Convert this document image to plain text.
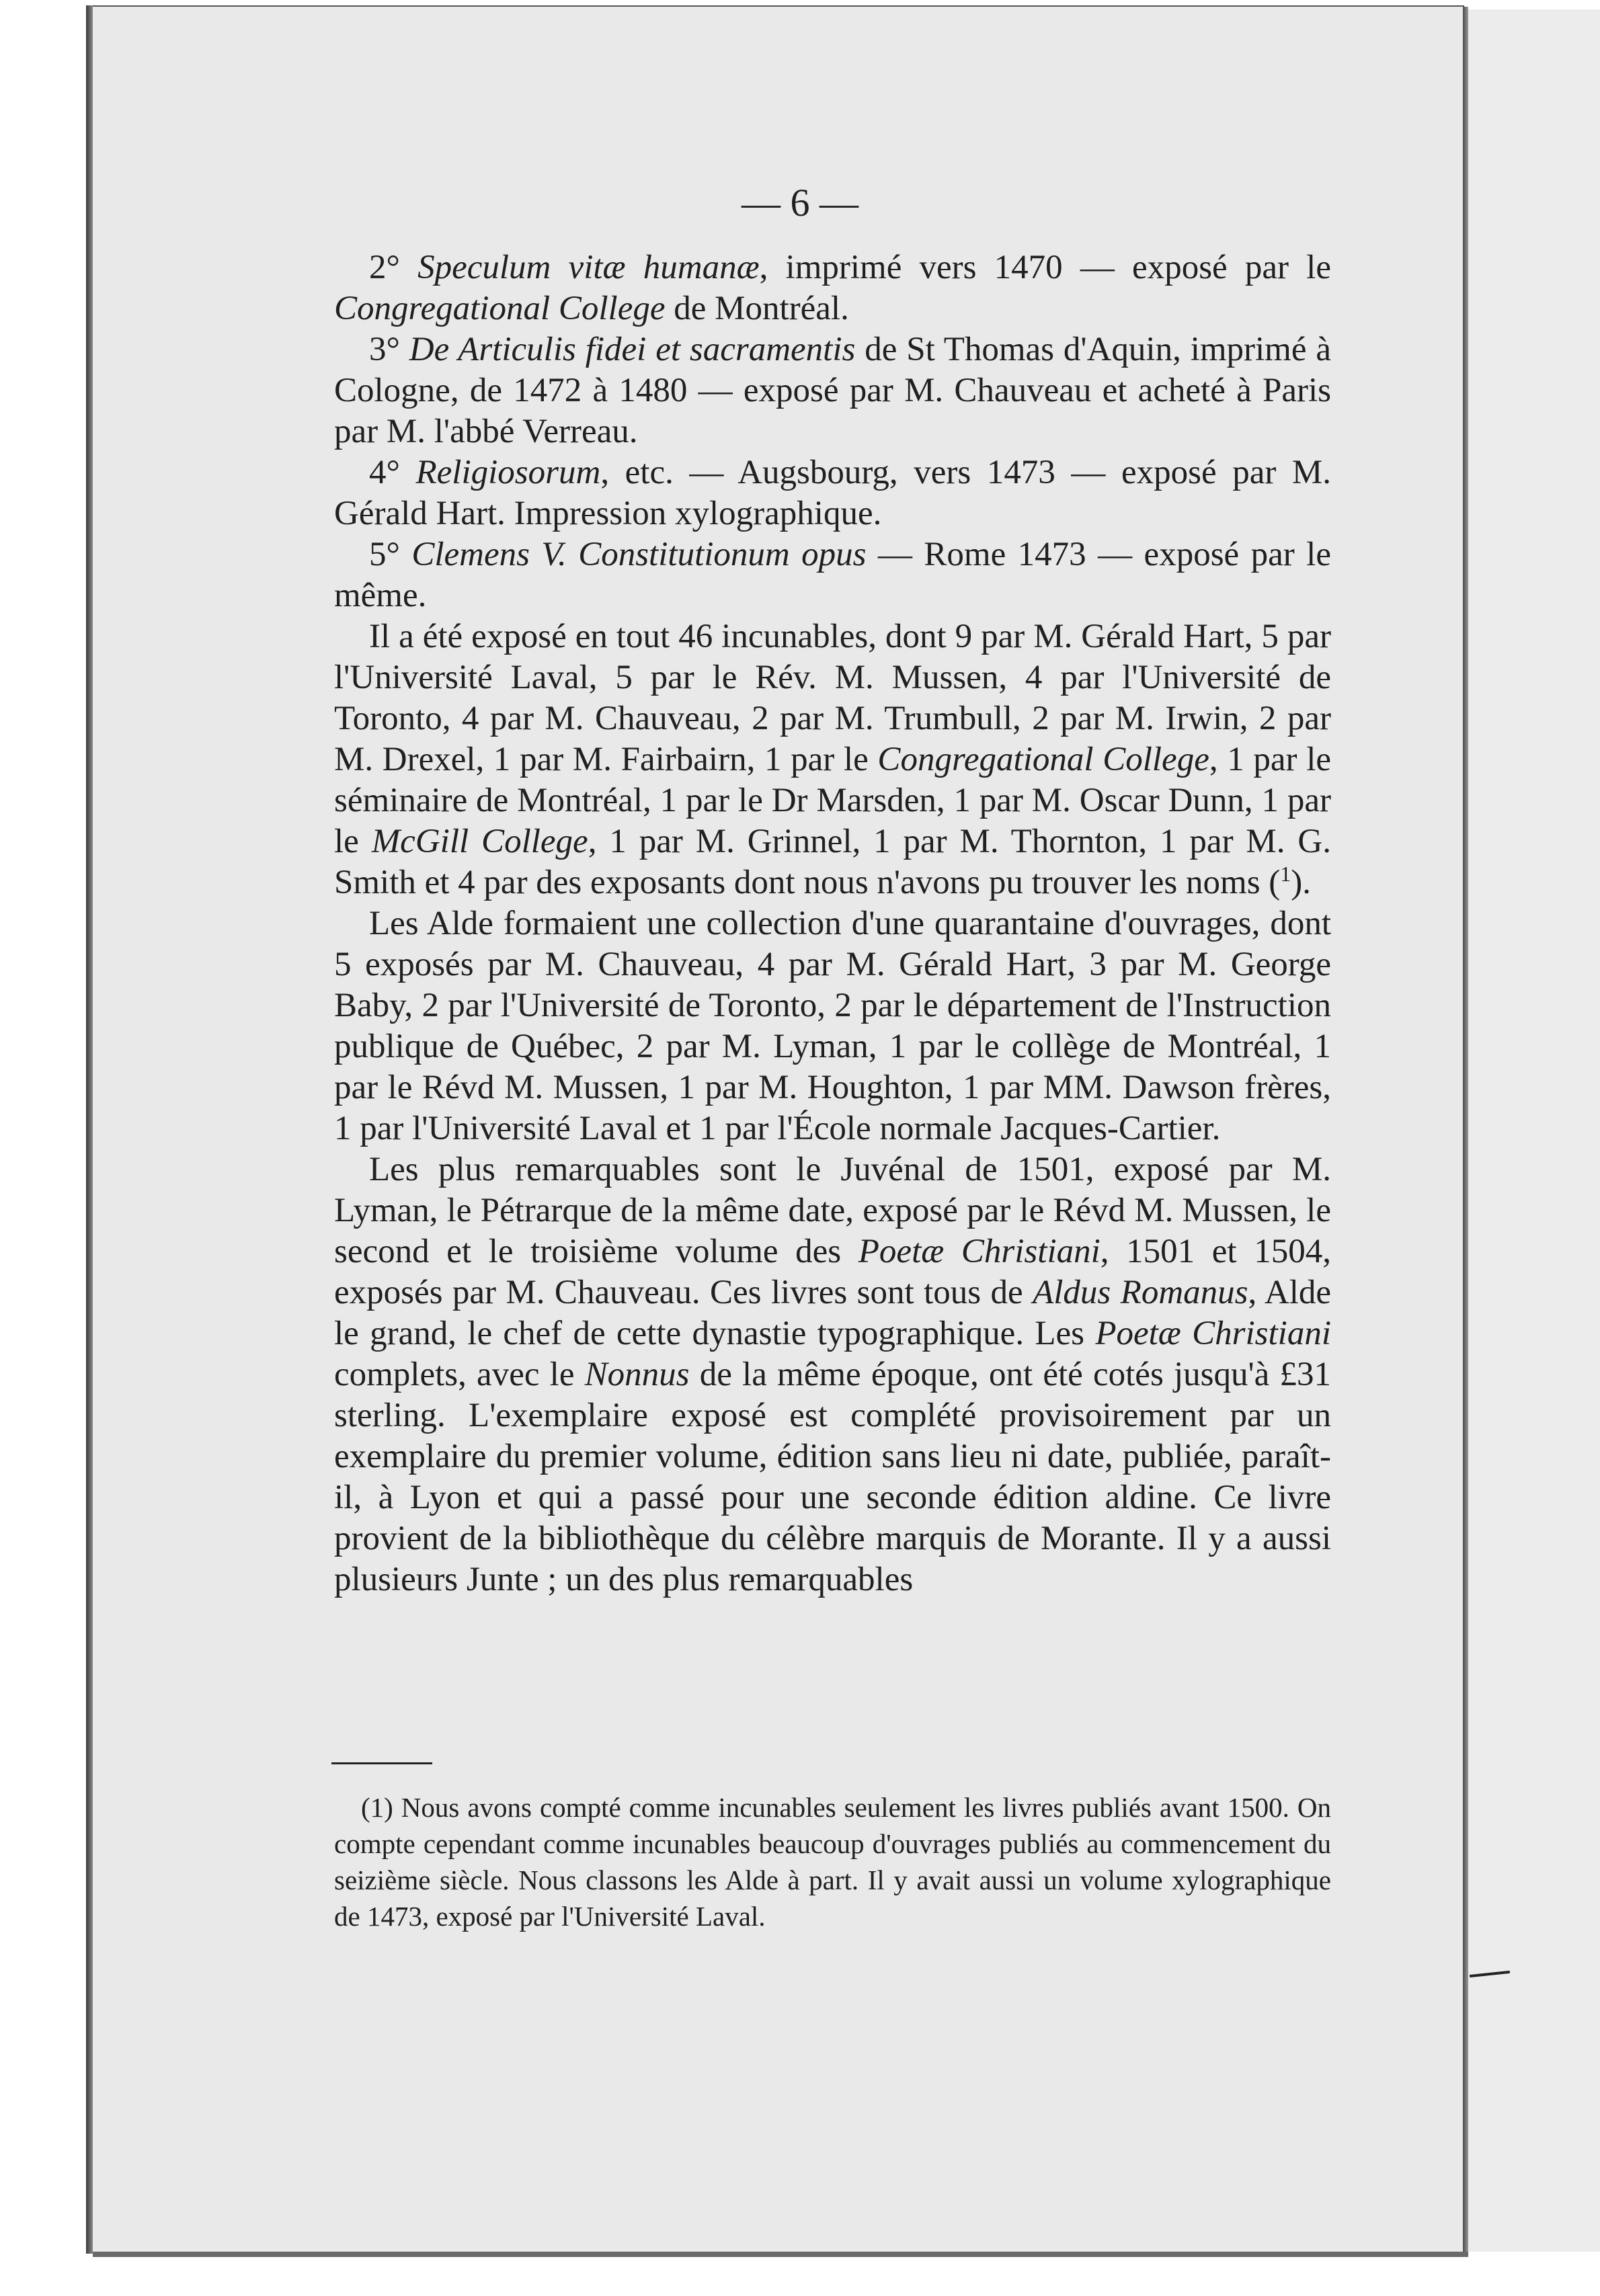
— 6 —

2° Speculum vitæ humanæ, imprimé vers 1470 — exposé par le Congregational College de Montréal.

3° De Articulis fidei et sacramentis de St Thomas d'Aquin, imprimé à Cologne, de 1472 à 1480 — exposé par M. Chauveau et acheté à Paris par M. l'abbé Verreau.

4° Religiosorum, etc. — Augsbourg, vers 1473 — exposé par M. Gérald Hart. Impression xylographique.

5° Clemens V. Constitutionum opus — Rome 1473 — exposé par le même.

Il a été exposé en tout 46 incunables, dont 9 par M. Gérald Hart, 5 par l'Université Laval, 5 par le Rév. M. Mussen, 4 par l'Université de Toronto, 4 par M. Chauveau, 2 par M. Trumbull, 2 par M. Irwin, 2 par M. Drexel, 1 par M. Fairbairn, 1 par le Congregational College, 1 par le séminaire de Montréal, 1 par le Dr Marsden, 1 par M. Oscar Dunn, 1 par le McGill College, 1 par M. Grinnel, 1 par M. Thornton, 1 par M. G. Smith et 4 par des exposants dont nous n'avons pu trouver les noms ($^1$).

Les Alde formaient une collection d'une quarantaine d'ouvrages, dont 5 exposés par M. Chauveau, 4 par M. Gérald Hart, 3 par M. George Baby, 2 par l'Université de Toronto, 2 par le département de l'Instruction publique de Québec, 2 par M. Lyman, 1 par le collège de Montréal, 1 par le Révd M. Mussen, 1 par M. Houghton, 1 par MM. Dawson frères, 1 par l'Université Laval et 1 par l'École normale Jacques-Cartier.

Les plus remarquables sont le Juvénal de 1501, exposé par M. Lyman, le Pétrarque de la même date, exposé par le Révd M. Mussen, le second et le troisième volume des Poetæ Christiani, 1501 et 1504, exposés par M. Chauveau. Ces livres sont tous de Aldus Romanus, Alde le grand, le chef de cette dynastie typographique. Les Poetæ Christiani complets, avec le Nonnus de la même époque, ont été cotés jusqu'à £31 sterling. L'exemplaire exposé est complété provisoirement par un exemplaire du premier volume, édition sans lieu ni date, publiée, paraît-il, à Lyon et qui a passé pour une seconde édition aldine. Ce livre provient de la bibliothèque du célèbre marquis de Morante. Il y a aussi plusieurs Junte ; un des plus remarquables

(1) Nous avons compté comme incunables seulement les livres publiés avant 1500. On compte cependant comme incunables beaucoup d'ouvrages publiés au commencement du seizième siècle. Nous classons les Alde à part. Il y avait aussi un volume xylographique de 1473, exposé par l'Université Laval.
